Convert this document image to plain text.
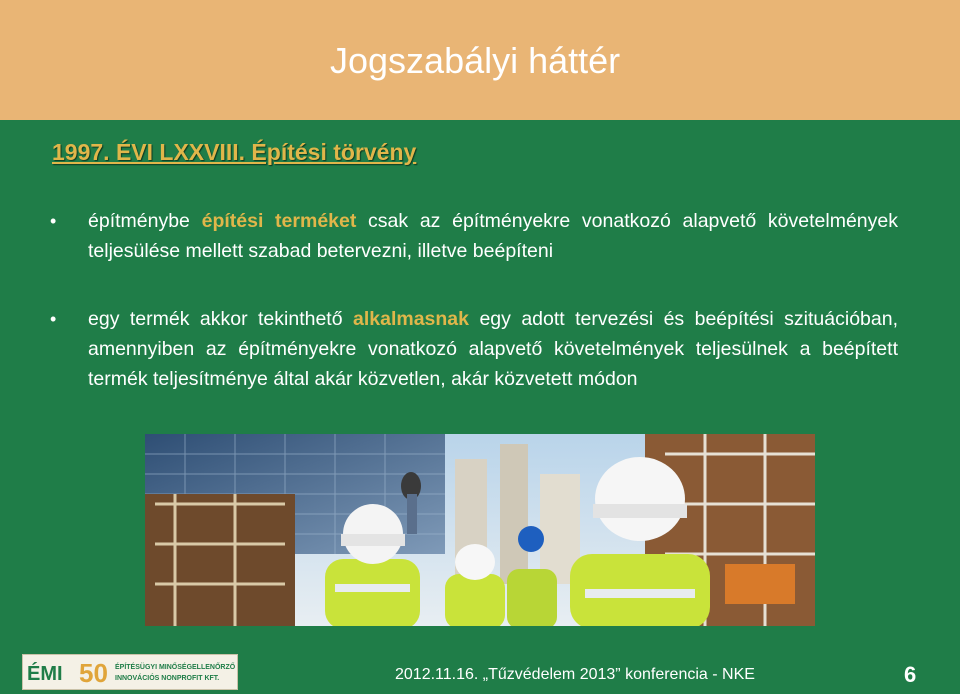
Jogszabályi háttér
1997. ÉVI LXXVIII. Építési törvény
• építménybe építési terméket csak az építményekre vonatkozó alapvető követelmények teljesülése mellett szabad betervezni, illetve beépíteni
• egy termék akkor tekinthető alkalmasnak egy adott tervezési és beépítési szituációban, amennyiben az építményekre vonatkozó alapvető követelmények teljesülnek a beépített termék teljesítménye által akár közvetlen, akár közvetett módon
ÉMI 50 ÉPÍTÉSÜGYI MINŐSÉGELLENŐRZŐ
INNOVÁCIÓS NONPROFIT KFT.	2012.11.16. „Tűzvédelem 2013” konferencia - NKE	6
